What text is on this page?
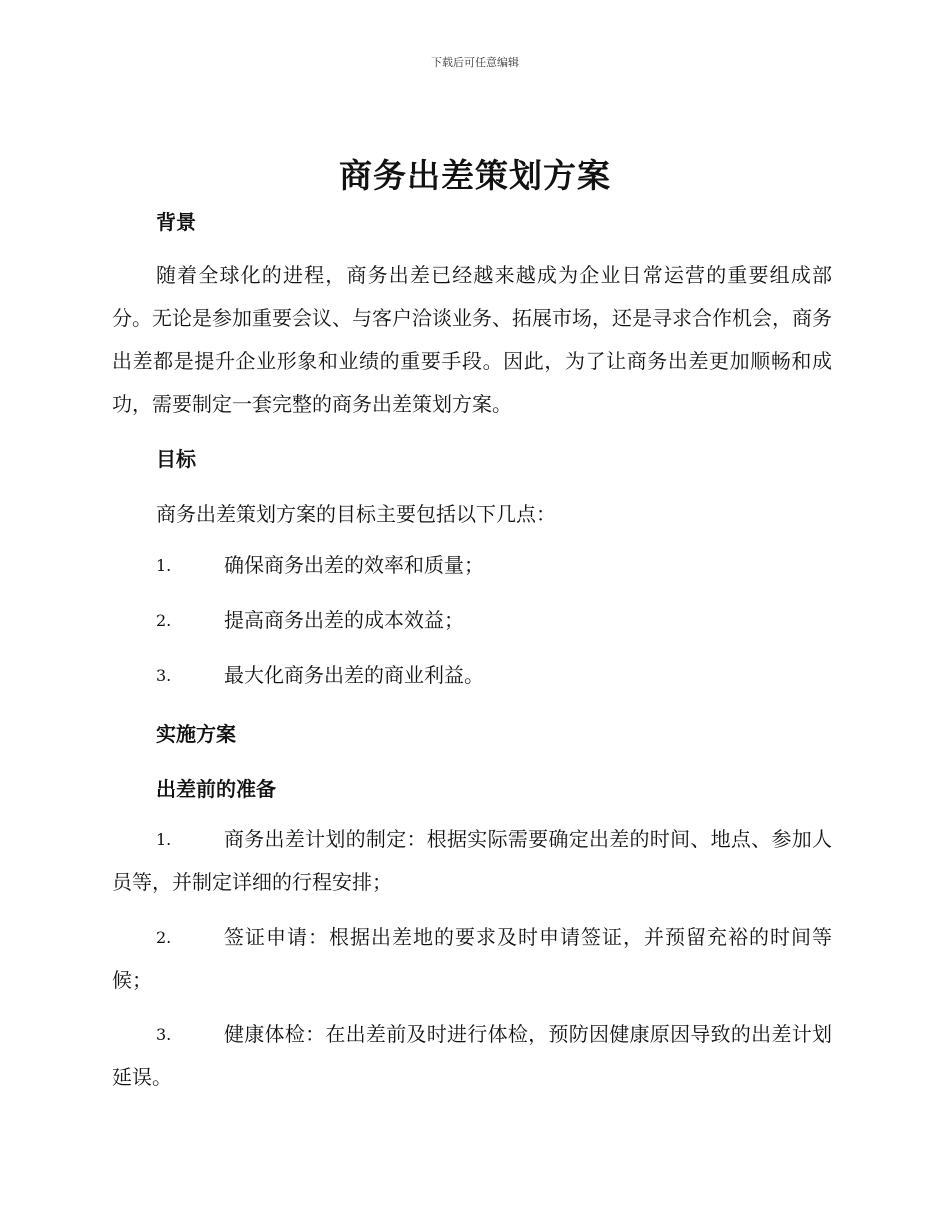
下载后可任意编辑
商务出差策划方案
背景
随着全球化的进程，商务出差已经越来越成为企业日常运营的重要组成部分。无论是参加重要会议、与客户洽谈业务、拓展市场，还是寻求合作机会，商务出差都是提升企业形象和业绩的重要手段。因此，为了让商务出差更加顺畅和成功，需要制定一套完整的商务出差策划方案。
目标
商务出差策划方案的目标主要包括以下几点：
1.	确保商务出差的效率和质量；
2.	提高商务出差的成本效益；
3.	最大化商务出差的商业利益。
实施方案
出差前的准备
1.	商务出差计划的制定：根据实际需要确定出差的时间、地点、参加人员等，并制定详细的行程安排；
2.	签证申请：根据出差地的要求及时申请签证，并预留充裕的时间等候；
3.	健康体检：在出差前及时进行体检，预防因健康原因导致的出差计划延误。
